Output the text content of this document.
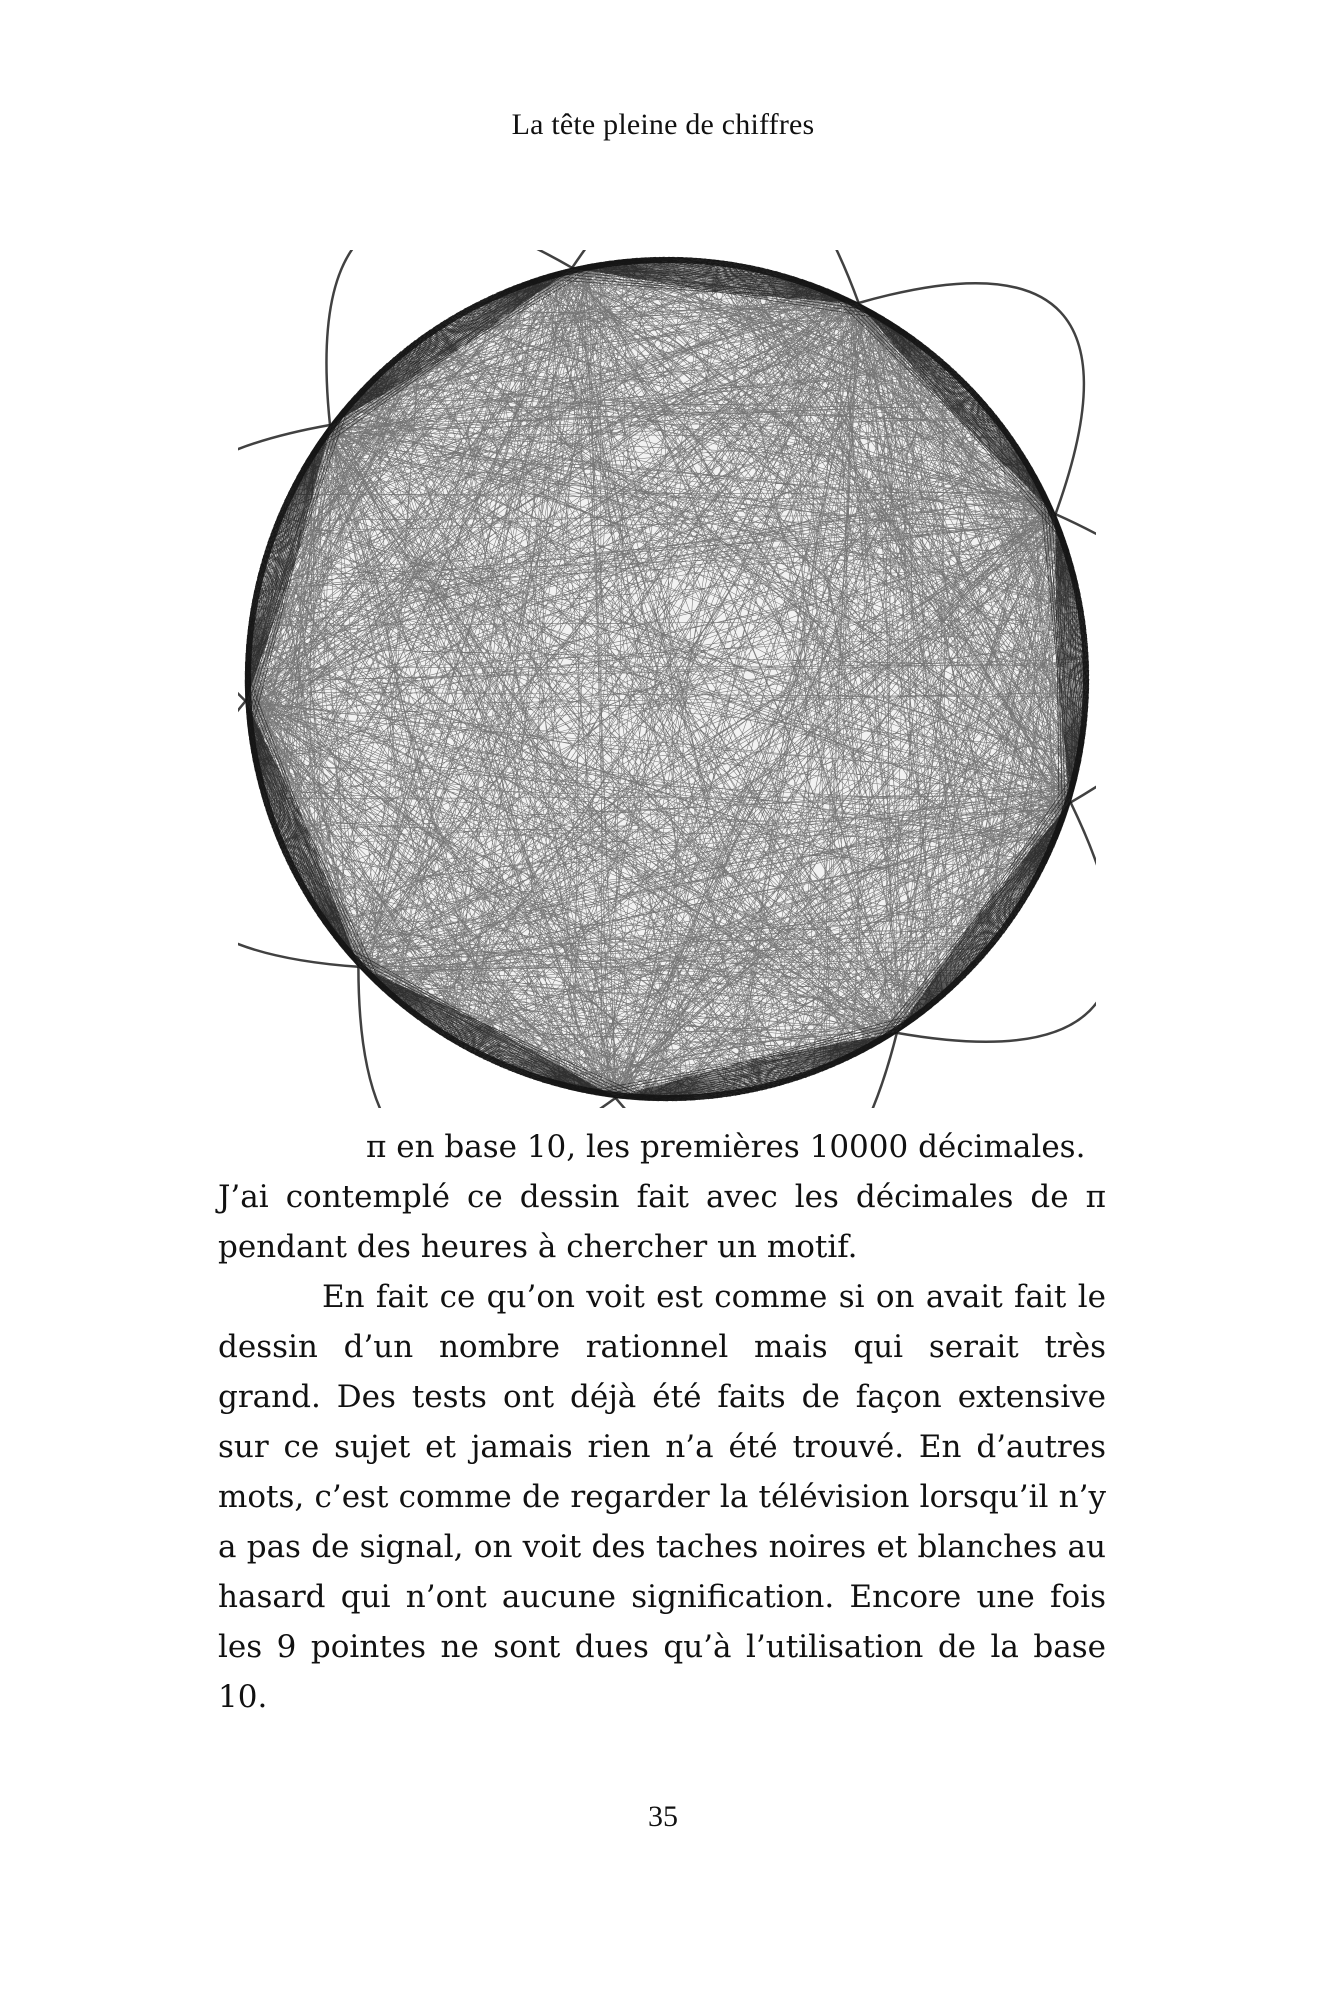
La tête pleine de chiffres

π en base 10, les premières 10000 décimales.

J’ai contemplé ce dessin fait avec les décimales de π pendant des heures à chercher un motif.

En fait ce qu’on voit est comme si on avait fait le dessin d’un nombre rationnel mais qui serait très grand. Des tests ont déjà été faits de façon extensive sur ce sujet et jamais rien n’a été trouvé. En d’autres mots, c’est comme de regarder la télévision lorsqu’il n’y a pas de signal, on voit des taches noires et blanches au hasard qui n’ont aucune signification. Encore une fois les 9 pointes ne sont dues qu’à l’utilisation de la base 10.

35
